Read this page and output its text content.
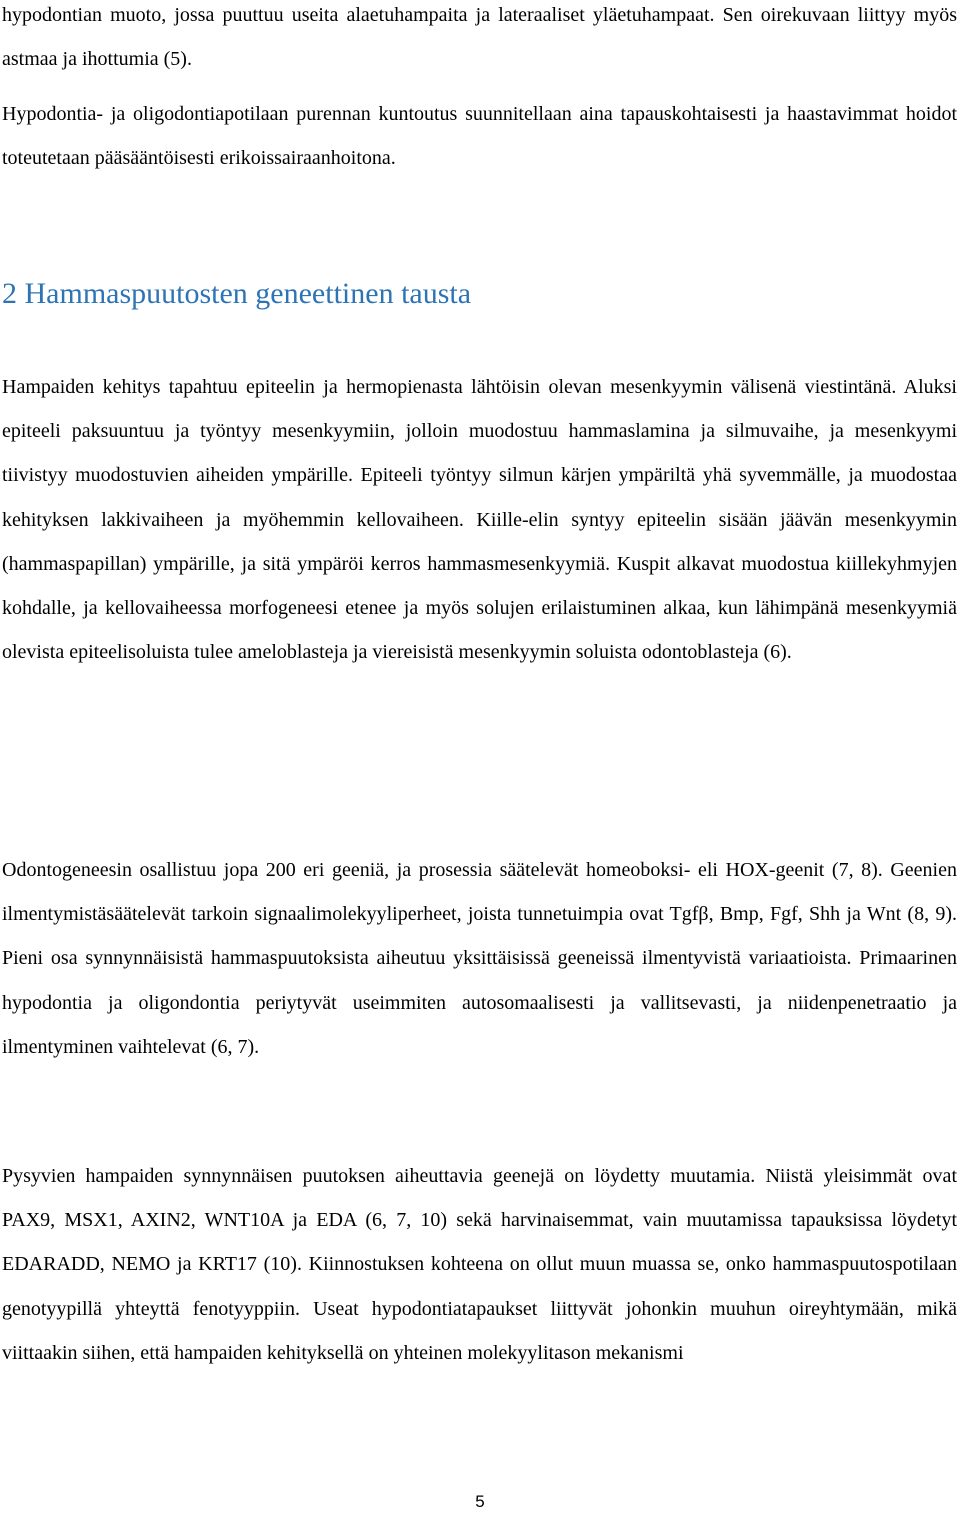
hypodontian muoto, jossa puuttuu useita alaetuhampaita ja lateraaliset yläetuhampaat. Sen oirekuvaan liittyy myös astmaa ja ihottumia (5).

Hypodontia- ja oligodontiapotilaan purennan kuntoutus suunnitellaan aina tapauskohtaisesti ja haastavimmat hoidot toteutetaan pääsääntöisesti erikoissairaanhoitona.

2 Hammaspuutosten geneettinen tausta

Hampaiden kehitys tapahtuu epiteelin ja hermopienasta lähtöisin olevan mesenkyymin välisenä viestintänä. Aluksi epiteeli paksuuntuu ja työntyy mesenkyymiin, jolloin muodostuu hammaslamina ja silmuvaihe, ja mesenkyymi tiivistyy muodostuvien aiheiden ympärille. Epiteeli työntyy silmun kärjen ympäriltä yhä syvemmälle, ja muodostaa kehityksen lakkivaiheen ja myöhemmin kellovaiheen. Kiille-elin syntyy epiteelin sisään jäävän mesenkyymin (hammaspapillan) ympärille, ja sitä ympäröi kerros hammasmesenkyymiä. Kuspit alkavat muodostua kiillekyhmyjen kohdalle, ja kellovaiheessa morfogeneesi etenee ja myös solujen erilaistuminen alkaa, kun lähimpänä mesenkyymiä olevista epiteelisoluista tulee ameloblasteja ja viereisistä mesenkyymin soluista odontoblasteja (6).

Odontogeneesin osallistuu jopa 200 eri geeniä, ja prosessia säätelevät homeoboksi- eli HOX-geenit (7, 8). Geenien ilmentymistäsäätelevät tarkoin signaalimolekyyliperheet, joista tunnetuimpia ovat Tgfβ, Bmp, Fgf, Shh ja Wnt (8, 9). Pieni osa synnynnäisistä hammaspuutoksista aiheutuu yksittäisissä geeneissä ilmentyvistä variaatioista. Primaarinen hypodontia ja oligondontia periytyvät useimmiten autosomaalisesti ja vallitsevasti, ja niidenpenetraatio ja ilmentyminen vaihtelevat (6, 7).

Pysyvien hampaiden synnynnäisen puutoksen aiheuttavia geenejä on löydetty muutamia. Niistä yleisimmät ovat PAX9, MSX1, AXIN2, WNT10A ja EDA (6, 7, 10) sekä harvinaisemmat, vain muutamissa tapauksissa löydetyt EDARADD, NEMO ja KRT17 (10). Kiinnostuksen kohteena on ollut muun muassa se, onko hammaspuutospotilaan genotyypillä yhteyttä fenotyyppiin. Useat hypodontiatapaukset liittyvät johonkin muuhun oireyhtymään, mikä viittaakin siihen, että hampaiden kehityksellä on yhteinen molekyylitason mekanismi

5
